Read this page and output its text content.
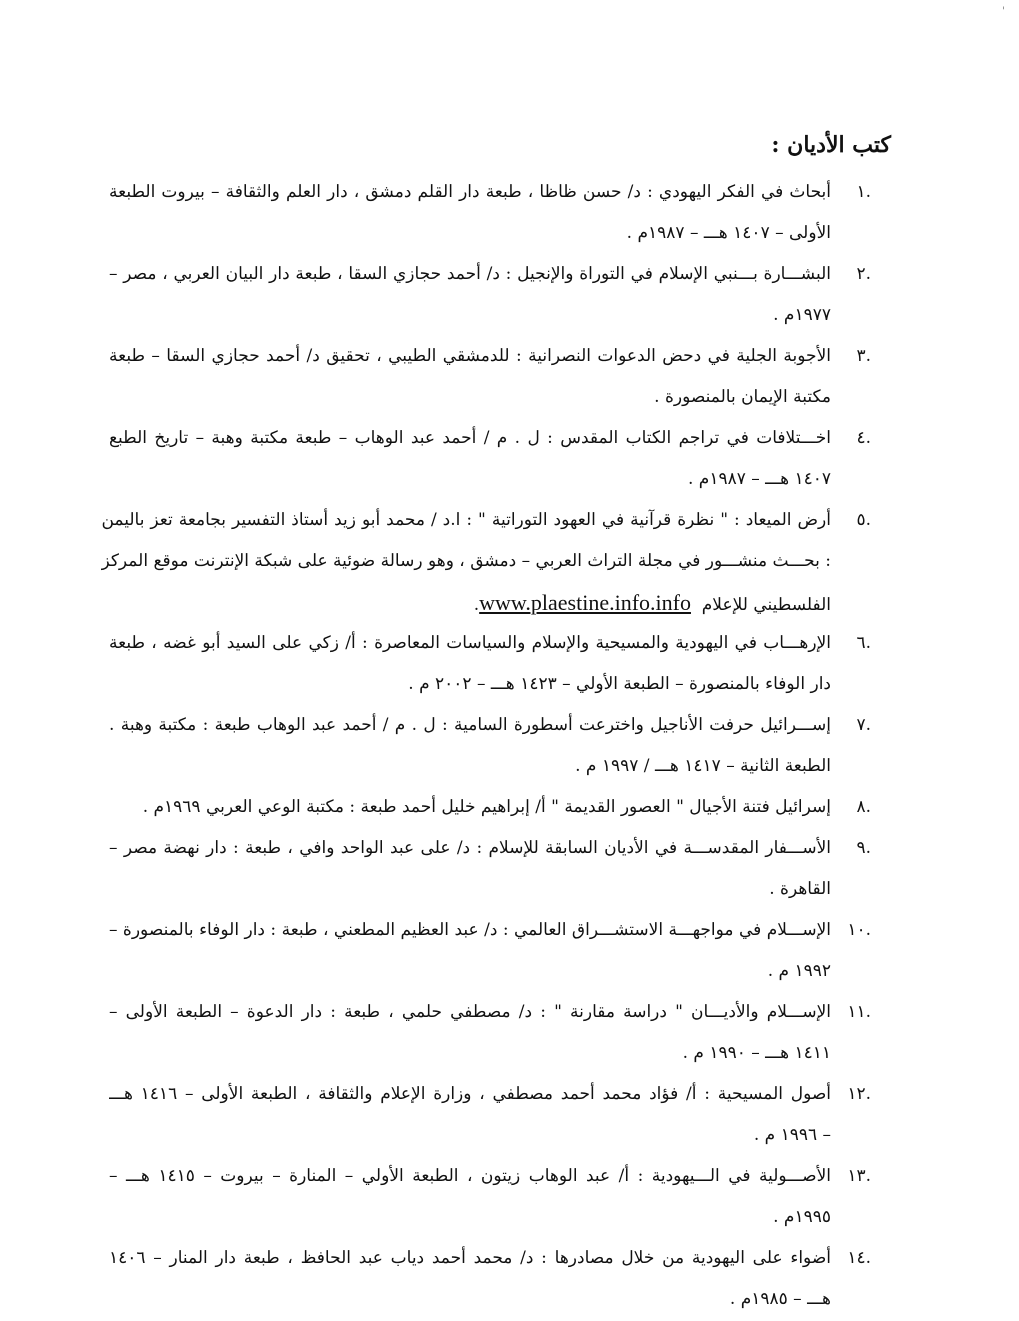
'
كتب الأديان :
١.
أبحاث في الفكر اليهودي : د/ حسن ظاظا ، طبعة دار القلم دمشق ، دار العلم والثقافة – بيروت الطبعة
الأولى – ١٤٠٧ هـــ – ١٩٨٧م .
٢.
البشـــارة بـــنبي الإسلام في التوراة والإنجيل : د/ أحمد حجازي السقا ، طبعة دار البيان العربي ، مصر –
١٩٧٧م .
٣.
الأجوبة الجلية في دحض الدعوات النصرانية : للدمشقي الطيبي ، تحقيق د/ أحمد حجازي السقا – طبعة
مكتبة الإيمان بالمنصورة .
٤.
اخـــتلافات في تراجم الكتاب المقدس : ل . م / أحمد عبد الوهاب – طبعة مكتبة وهبة – تاريخ الطبع
١٤٠٧ هـــ – ١٩٨٧م .
٥.
أرض الميعاد : " نظرة قرآنية في العهود التوراتية " : ا.د / محمد أبو زيد أستاذ التفسير بجامعة تعز باليمن
: بحـــث منشـــور في مجلة التراث العربي – دمشق ، وهو رسالة ضوئية على شبكة الإنترنت موقع المركز
الفلسطيني للإعلام  www.plaestine.info.info.
٦.
الإرهـــاب في اليهودية والمسيحية والإسلام والسياسات المعاصرة : أ/ زكي على السيد أبو غضه ، طبعة
دار الوفاء بالمنصورة – الطبعة الأولي – ١٤٢٣ هـــ – ٢٠٠٢ م .
٧.
إســـرائيل حرفت الأناجيل واخترعت أسطورة السامية : ل . م / أحمد عبد الوهاب طبعة : مكتبة وهبة .
الطبعة الثانية – ١٤١٧ هـــ / ١٩٩٧ م .
٨.
إسرائيل فتنة الأجيال " العصور القديمة " أ/ إبراهيم خليل أحمد طبعة : مكتبة الوعي العربي ١٩٦٩م .
٩.
الأســـفار المقدســـة في الأديان السابقة للإسلام : د/ على عبد الواحد وافي ، طبعة : دار نهضة مصر –
القاهرة .
١٠.
الإســـلام في مواجهـــة الاستشـــراق العالمي : د/ عبد العظيم المطعني ، طبعة : دار الوفاء بالمنصورة –
١٩٩٢ م .
١١.
الإســـلام والأديـــان " دراسة مقارنة " : د/ مصطفي حلمي ، طبعة : دار الدعوة – الطبعة الأولى –
١٤١١ هـــ – ١٩٩٠ م .
١٢.
أصول المسيحية : أ/ فؤاد محمد أحمد مصطفي ، وزارة الإعلام والثقافة ، الطبعة الأولى – ١٤١٦ هـــ
– ١٩٩٦ م .
١٣.
الأصـــولية في الـــيهودية : أ/ عبد الوهاب زيتون ، الطبعة الأولي – المنارة – بيروت – ١٤١٥ هـــ –
١٩٩٥م .
١٤.
أضواء على اليهودية من خلال مصادرها : د/ محمد أحمد دياب عبد الحافظ ، طبعة دار المنار – ١٤٠٦
هـــ – ١٩٨٥م .
